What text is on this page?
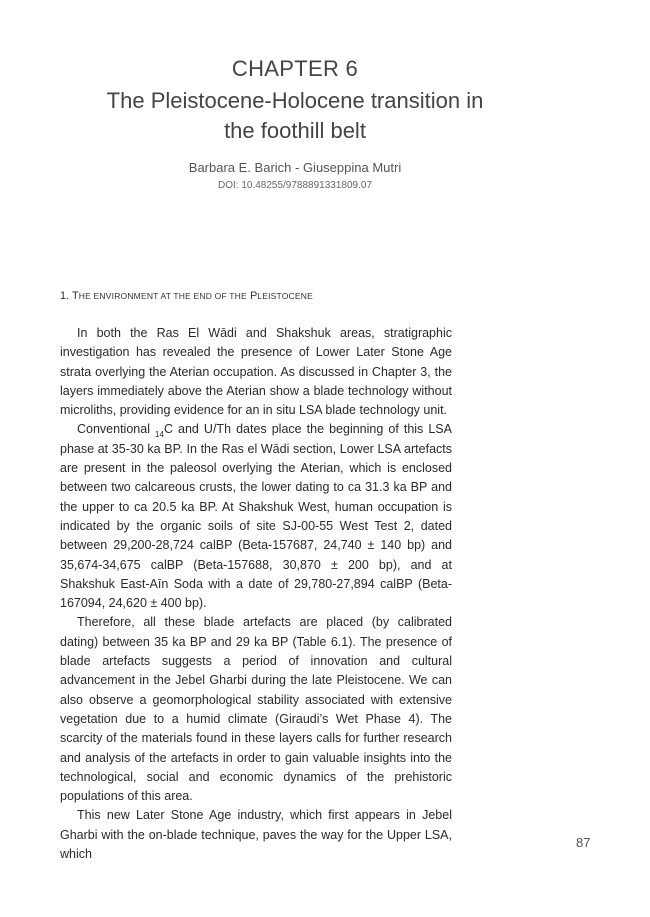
CHAPTER 6
The Pleistocene-Holocene transition in
the foothill belt
Barbara E. Barich - Giuseppina Mutri
DOI: 10.48255/9788891331809.07
1. THE ENVIRONMENT AT THE END OF THE PLEISTOCENE

In both the Ras El Wādi and Shakshuk areas, stratigraphic investigation has revealed the presence of Lower Later Stone Age strata overlying the Aterian occupation. As discussed in Chapter 3, the layers immediately above the Aterian show a blade technology without microliths, providing evidence for an in situ LSA blade technology unit.

Conventional $_{14}$C and U/Th dates place the beginning of this LSA phase at 35-30 ka BP. In the Ras el Wādi section, Lower LSA artefacts are present in the paleosol overlying the Aterian, which is enclosed between two calcareous crusts, the lower dating to ca 31.3 ka BP and the upper to ca 20.5 ka BP. At Shakshuk West, human occupation is indicated by the organic soils of site SJ-00-55 West Test 2, dated between 29,200-28,724 calBP (Beta-157687, 24,740 ± 140 bp) and 35,674-34,675 calBP (Beta-157688, 30,870 ± 200 bp), and at Shakshuk East-Aīn Soda with a date of 29,780-27,894 calBP (Beta-167094, 24,620 ± 400 bp).

Therefore, all these blade artefacts are placed (by calibrated dating) between 35 ka BP and 29 ka BP (Table 6.1). The presence of blade artefacts suggests a period of innovation and cultural advancement in the Jebel Gharbi during the late Pleistocene. We can also observe a geomorphological stability associated with extensive vegetation due to a humid climate (Giraudi’s Wet Phase 4). The scarcity of the materials found in these layers calls for further research and analysis of the artefacts in order to gain valuable insights into the technological, social and economic dynamics of the prehistoric populations of this area.

This new Later Stone Age industry, which first appears in Jebel Gharbi with the on-blade technique, paves the way for the Upper LSA, which

87
